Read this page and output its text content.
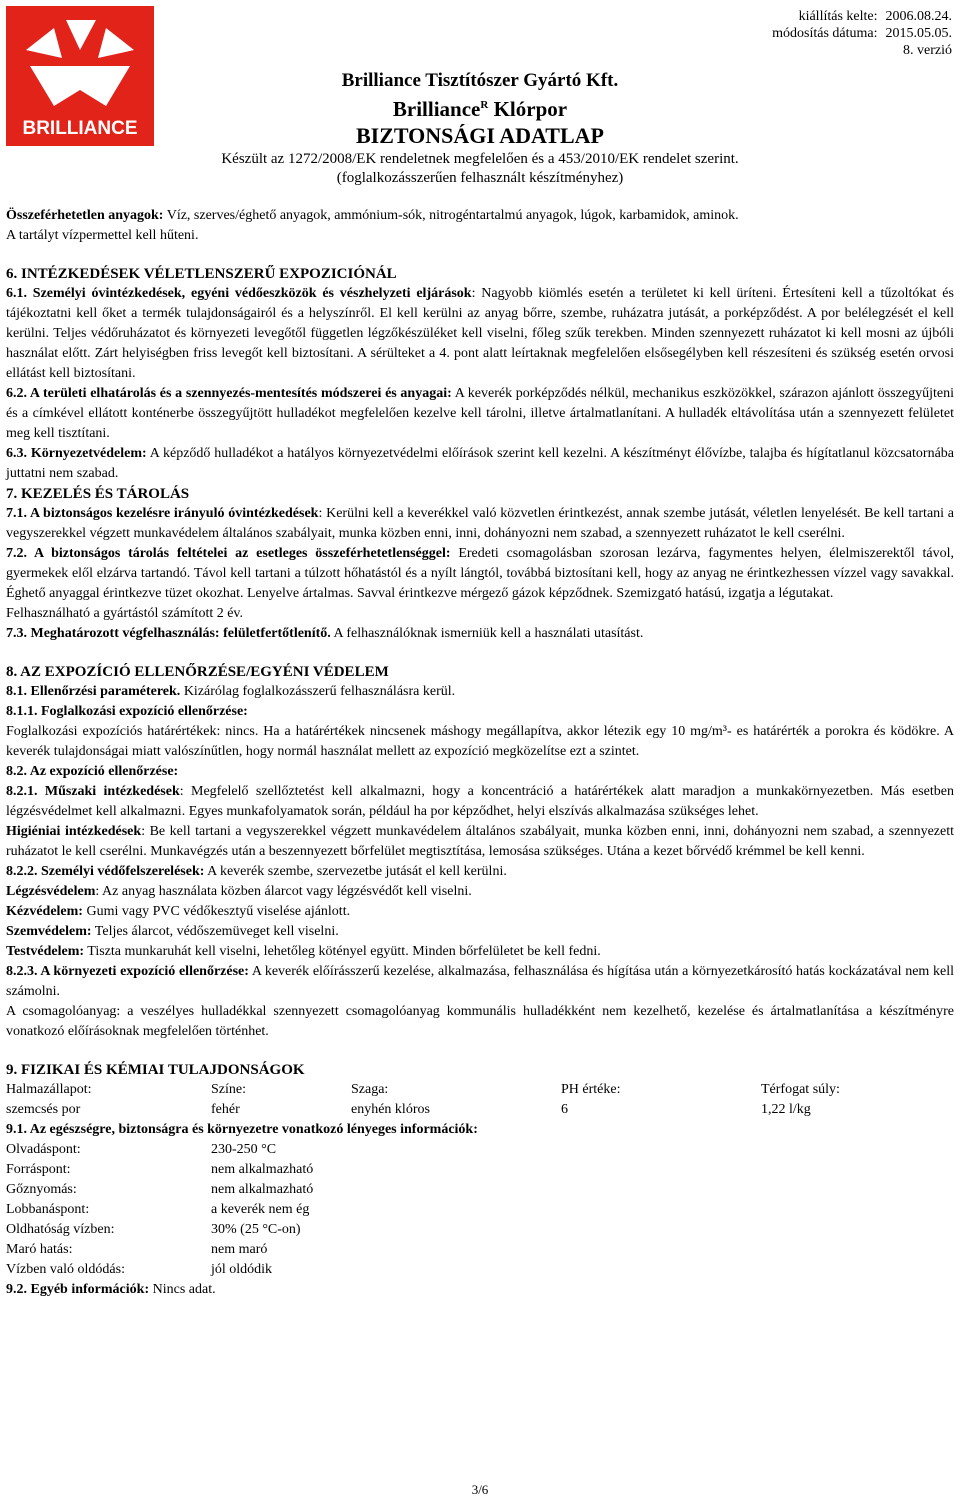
BRILLIANCE
kiállítás kelte: 2006.08.24.
módosítás dátuma: 2015.05.05.
8. verzió
Brilliance Tisztítószer Gyártó Kft.
Brilliance$^R$ Klórpor
BIZTONSÁGI ADATLAP
Készült az 1272/2008/EK rendeletnek megfelelően és a 453/2010/EK rendelet szerint.
(foglalkozásszerűen felhasznált készítményhez)

Összeférhetetlen anyagok: Víz, szerves/éghető anyagok, ammónium-sók, nitrogéntartalmú anyagok, lúgok, karbamidok, aminok.

A tartályt vízpermettel kell hűteni.

6. INTÉZKEDÉSEK VÉLETLENSZERŰ EXPOZICIÓNÁL

6.1. Személyi óvintézkedések, egyéni védőeszközök és vészhelyzeti eljárások: Nagyobb kiömlés esetén a területet ki kell üríteni. Értesíteni kell a tűzoltókat és tájékoztatni kell őket a termék tulajdonságairól és a helyszínről. El kell kerülni az anyag bőrre, szembe, ruházatra jutását, a porképződést. A por belélegzését el kell kerülni. Teljes védőruházatot és környezeti levegőtől független légzőkészüléket kell viselni, főleg szűk terekben. Minden szennyezett ruházatot ki kell mosni az újbóli használat előtt. Zárt helyiségben friss levegőt kell biztosítani. A sérülteket a 4. pont alatt leírtaknak megfelelően elsősegélyben kell részesíteni és szükség esetén orvosi ellátást kell biztosítani.

6.2. A területi elhatárolás és a szennyezés-mentesítés módszerei és anyagai: A keverék porképződés nélkül, mechanikus eszközökkel, szárazon ajánlott összegyűjteni és a címkével ellátott konténerbe összegyűjtött hulladékot megfelelően kezelve kell tárolni, illetve ártalmatlanítani. A hulladék eltávolítása után a szennyezett felületet meg kell tisztítani.

6.3. Környezetvédelem: A képződő hulladékot a hatályos környezetvédelmi előírások szerint kell kezelni. A készítményt élővízbe, talajba és hígítatlanul közcsatornába juttatni nem szabad.

7. KEZELÉS ÉS TÁROLÁS

7.1. A biztonságos kezelésre irányuló óvintézkedések: Kerülni kell a keverékkel való közvetlen érintkezést, annak szembe jutását, véletlen lenyelését. Be kell tartani a vegyszerekkel végzett munkavédelem általános szabályait, munka közben enni, inni, dohányozni nem szabad, a szennyezett ruházatot le kell cserélni.

7.2. A biztonságos tárolás feltételei az esetleges összeférhetetlenséggel: Eredeti csomagolásban szorosan lezárva, fagymentes helyen, élelmiszerektől távol, gyermekek elől elzárva tartandó. Távol kell tartani a túlzott hőhatástól és a nyílt lángtól, továbbá biztosítani kell, hogy az anyag ne érintkezhessen vízzel vagy savakkal. Éghető anyaggal érintkezve tüzet okozhat. Lenyelve ártalmas. Savval érintkezve mérgező gázok képződnek. Szemizgató hatású, izgatja a légutakat.

Felhasználható a gyártástól számított 2 év.

7.3. Meghatározott végfelhasználás: felületfertőtlenítő. A felhasználóknak ismerniük kell a használati utasítást.

8. AZ EXPOZÍCIÓ ELLENŐRZÉSE/EGYÉNI VÉDELEM

8.1. Ellenőrzési paraméterek. Kizárólag foglalkozásszerű felhasználásra kerül.

8.1.1. Foglalkozási expozíció ellenőrzése:

Foglalkozási expozíciós határértékek: nincs. Ha a határértékek nincsenek máshogy megállapítva, akkor létezik egy 10 mg/m³- es határérték a porokra és ködökre. A keverék tulajdonságai miatt valószínűtlen, hogy normál használat mellett az expozíció megközelítse ezt a szintet.

8.2. Az expozíció ellenőrzése:

8.2.1. Műszaki intézkedések: Megfelelő szellőztetést kell alkalmazni, hogy a koncentráció a határértékek alatt maradjon a munkakörnyezetben. Más esetben légzésvédelmet kell alkalmazni. Egyes munkafolyamatok során, például ha por képződhet, helyi elszívás alkalmazása szükséges lehet.

Higiéniai intézkedések: Be kell tartani a vegyszerekkel végzett munkavédelem általános szabályait, munka közben enni, inni, dohányozni nem szabad, a szennyezett ruházatot le kell cserélni. Munkavégzés után a beszennyezett bőrfelület megtisztítása, lemosása szükséges. Utána a kezet bőrvédő krémmel be kell kenni.

8.2.2. Személyi védőfelszerelések: A keverék szembe, szervezetbe jutását el kell kerülni.

Légzésvédelem: Az anyag használata közben álarcot vagy légzésvédőt kell viselni.

Kézvédelem: Gumi vagy PVC védőkesztyű viselése ajánlott.

Szemvédelem: Teljes álarcot, védőszemüveget kell viselni.

Testvédelem: Tiszta munkaruhát kell viselni, lehetőleg kötényel együtt. Minden bőrfelületet be kell fedni.

8.2.3. A környezeti expozíció ellenőrzése: A keverék előírásszerű kezelése, alkalmazása, felhasználása és hígítása után a környezetkárosító hatás kockázatával nem kell számolni.

A csomagolóanyag: a veszélyes hulladékkal szennyezett csomagolóanyag kommunális hulladékként nem kezelhető, kezelése és ártalmatlanítása a készítményre vonatkozó előírásoknak megfelelően történhet.

9. FIZIKAI ÉS KÉMIAI TULAJDONSÁGOK

Halmazállapot:	Színe:	Szaga:	PH értéke:	Térfogat súly:
szemcsés por	fehér	enyhén klóros	6	1,22 l/kg

9.1. Az egészségre, biztonságra és környezetre vonatkozó lényeges információk:

Olvadáspont:	230-250 °C
Forráspont:	nem alkalmazható
Gőznyomás:	nem alkalmazható
Lobbanáspont:	a keverék nem ég
Oldhatóság vízben:	30% (25 °C-on)
Maró hatás:	nem maró
Vízben való oldódás:	jól oldódik

9.2. Egyéb információk: Nincs adat.

3/6
